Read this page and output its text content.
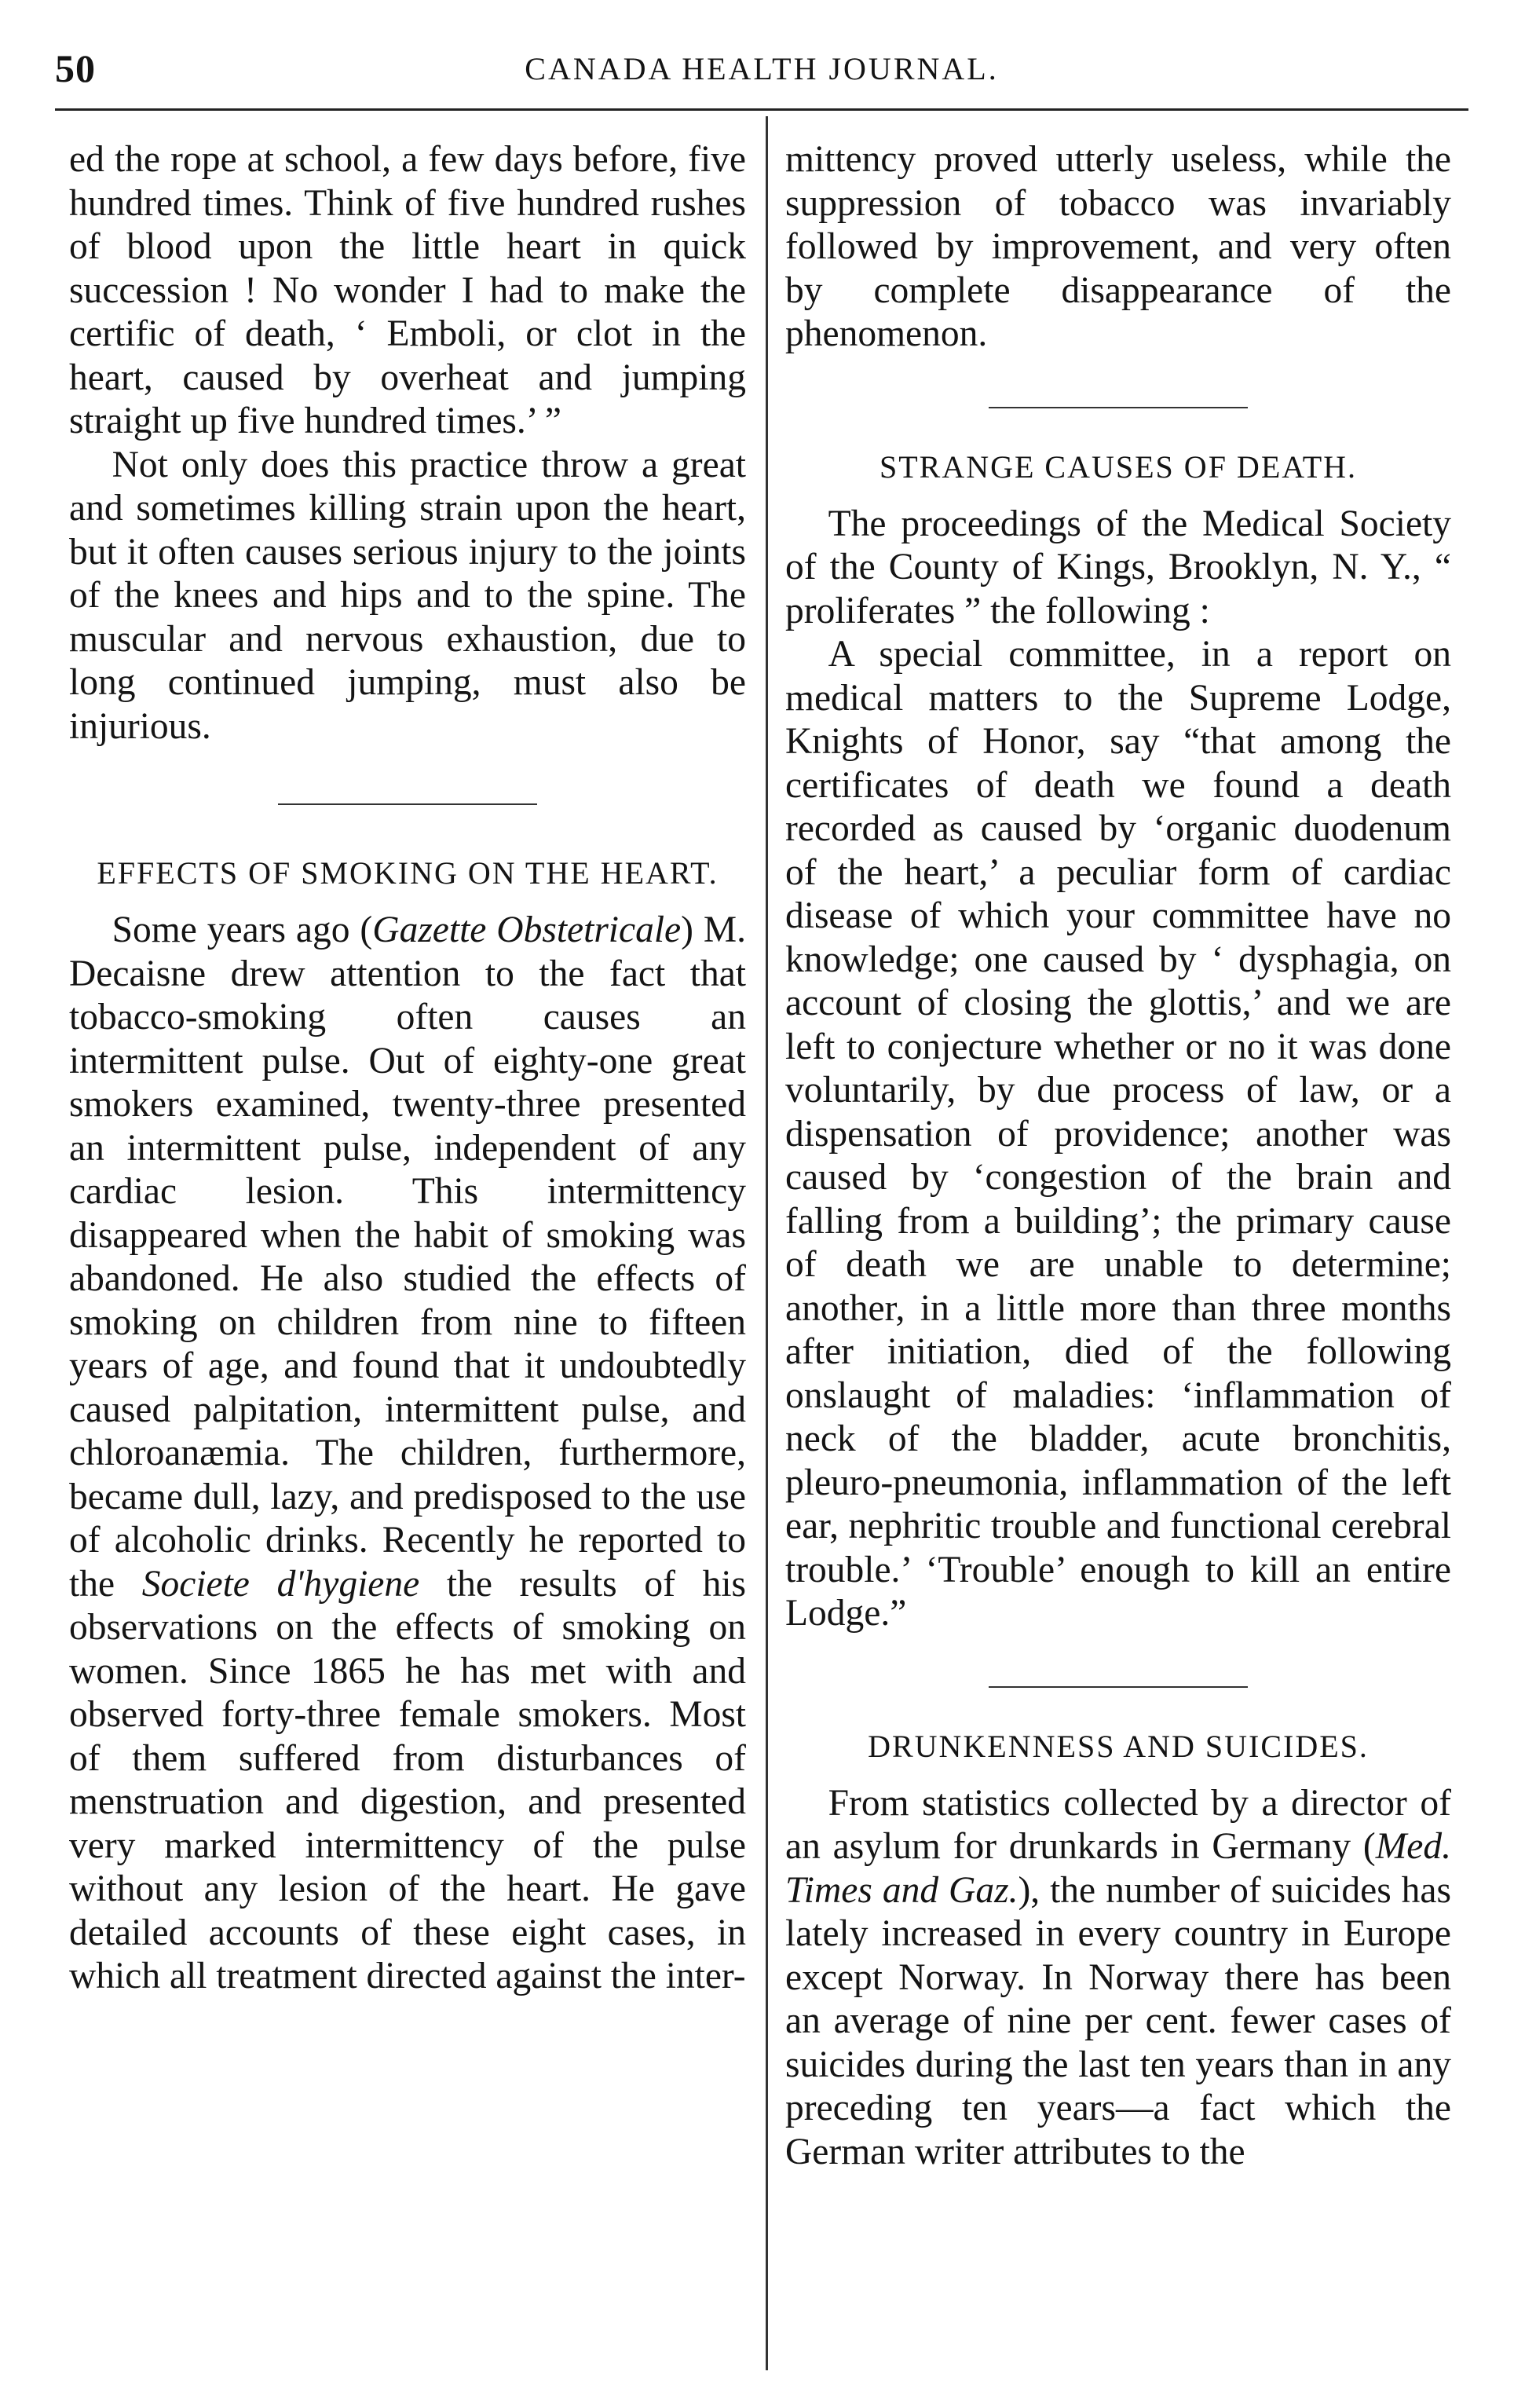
50	CANADA HEALTH JOURNAL.

ed the rope at school, a few days before, five hundred times. Think of five hundred rushes of blood upon the little heart in quick succession ! No wonder I had to make the certific of death, ‘ Emboli, or clot in the heart, caused by overheat and jumping straight up five hundred times.’ ”

Not only does this practice throw a great and sometimes killing strain upon the heart, but it often causes serious injury to the joints of the knees and hips and to the spine. The muscular and nervous exhaustion, due to long continued jumping, must also be injurious.

EFFECTS OF SMOKING ON THE HEART.

Some years ago (Gazette Obstetricale) M. Decaisne drew attention to the fact that tobacco-smoking often causes an intermittent pulse. Out of eighty-one great smokers examined, twenty-three presented an intermittent pulse, independent of any cardiac lesion. This intermittency disappeared when the habit of smoking was abandoned. He also studied the effects of smoking on children from nine to fifteen years of age, and found that it undoubtedly caused palpitation, intermittent pulse, and chloroanæmia. The children, furthermore, became dull, lazy, and predisposed to the use of alcoholic drinks. Recently he reported to the Societe d'hygiene the results of his observations on the effects of smoking on women. Since 1865 he has met with and observed forty-three female smokers. Most of them suffered from disturbances of menstruation and digestion, and presented very marked intermittency of the pulse without any lesion of the heart. He gave detailed accounts of these eight cases, in which all treatment directed against the inter-

mittency proved utterly useless, while the suppression of tobacco was invariably followed by improvement, and very often by complete disappearance of the phenomenon.

STRANGE CAUSES OF DEATH.

The proceedings of the Medical Society of the County of Kings, Brooklyn, N. Y., “ proliferates ” the following :

A special committee, in a report on medical matters to the Supreme Lodge, Knights of Honor, say “that among the certificates of death we found a death recorded as caused by ‘organic duodenum of the heart,’ a peculiar form of cardiac disease of which your committee have no knowledge; one caused by ‘ dysphagia, on account of closing the glottis,’ and we are left to conjecture whether or no it was done voluntarily, by due process of law, or a dispensation of providence; another was caused by ‘congestion of the brain and falling from a building’; the primary cause of death we are unable to determine; another, in a little more than three months after initiation, died of the following onslaught of maladies: ‘inflammation of neck of the bladder, acute bronchitis, pleuro-pneumonia, inflammation of the left ear, nephritic trouble and functional cerebral trouble.’ ‘Trouble’ enough to kill an entire Lodge.”

DRUNKENNESS AND SUICIDES.

From statistics collected by a director of an asylum for drunkards in Germany (Med. Times and Gaz.), the number of suicides has lately increased in every country in Europe except Norway. In Norway there has been an average of nine per cent. fewer cases of suicides during the last ten years than in any preceding ten years—a fact which the German writer attributes to the
